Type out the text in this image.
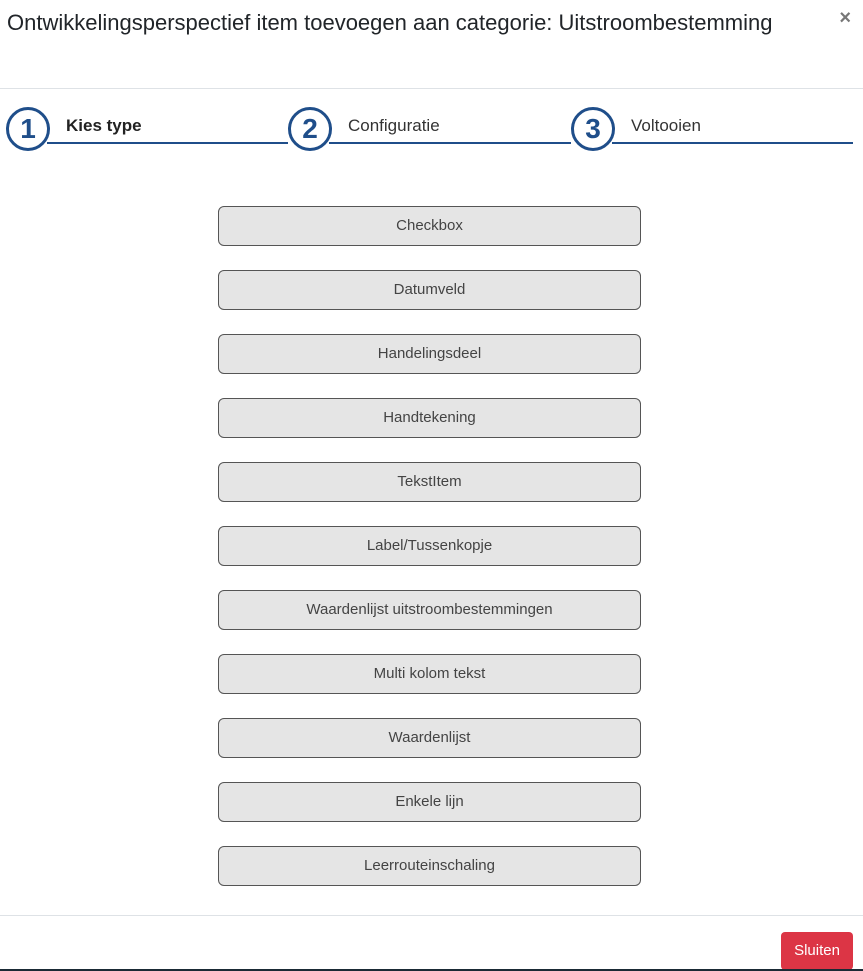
Ontwikkelingsperspectief item toevoegen aan categorie: Uitstroombestemming	×
1	Kies type	2	Configuratie	3	Voltooien
Checkbox
Datumveld
Handelingsdeel
Handtekening
TekstItem
Label/Tussenkopje
Waardenlijst uitstroombestemmingen
Multi kolom tekst
Waardenlijst
Enkele lijn
Leerrouteinschaling
Sluiten
